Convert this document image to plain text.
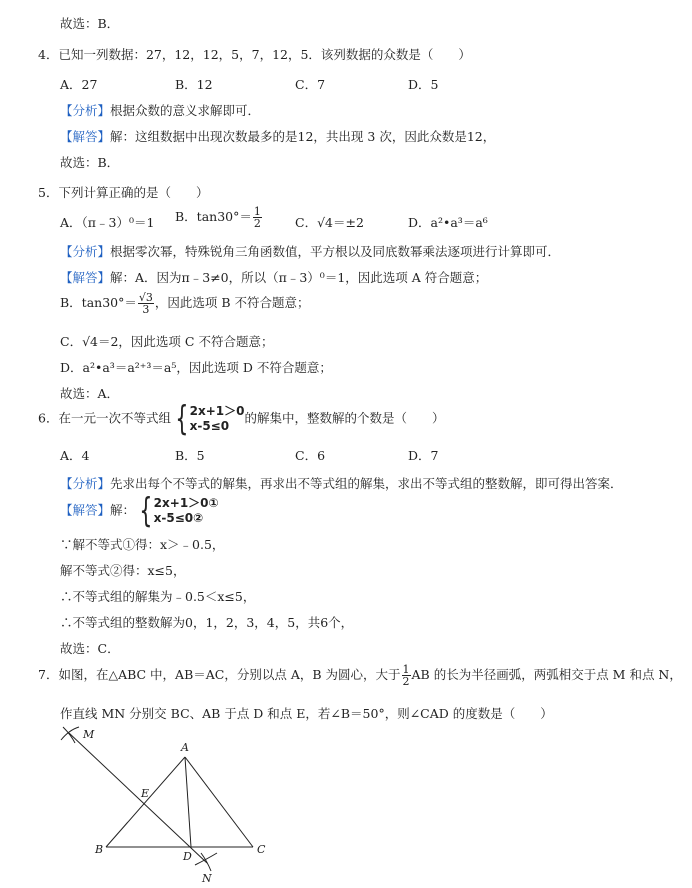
故选：B．
4．已知一列数据：27，12，12，5，7，12，5．该列数据的众数是（　　）
A．27	B．12	C．7	D．5
【分析】根据众数的意义求解即可．
【解答】解：这组数据中出现次数最多的是12，共出现 3 次，因此众数是12，
故选：B．
5．下列计算正确的是（　　）
A．（π﹣3）⁰＝1 B．$\tan 30^\circ= \frac{1}{2}$	C．√4＝±2	D．a²•a³＝a⁶
【分析】根据零次幂，特殊锐角三角函数值，平方根以及同底数幂乘法逐项进行计算即可．
【解答】解：A．因为π﹣3≠0，所以（π﹣3）⁰＝1，因此选项 A 符合题意；
B．$\tan 30^\circ= \frac{√3}{3}$ ，因此选项 B 不符合题意；
C．√4＝2，因此选项 C 不符合题意；
D．a²•a³＝a²⁺³＝a⁵，因此选项 D 不符合题意；
故选：A．
6．在一元一次不等式组 { 2x+1＞0
x-5≤0
的解集中，整数解的个数是（　　）
A．4	B．5	C．6	D．7
【分析】先求出每个不等式的解集，再求出不等式组的解集，求出不等式组的整数解，即可得出答案．
【解答】解： { 2x+1＞0①
x-5≤0②
∵解不等式①得：x＞﹣0.5，
解不等式②得：x≤5，
∴不等式组的解集为﹣0.5＜x≤5，
∴不等式组的整数解为0，1，2，3，4，5，共6个，
故选：C．
7．如图，在△ABC 中，AB＝AC，分别以点 A，B 为圆心，大于 $\frac{1}{2}$ AB 的长为半径画弧，两弧相交于点 M 和点 N，
作直线 MN 分别交 BC、AB 于点 D 和点 E，若∠B＝50°，则∠CAD 的度数是（　　）
M
A
E
B
D
C
N
